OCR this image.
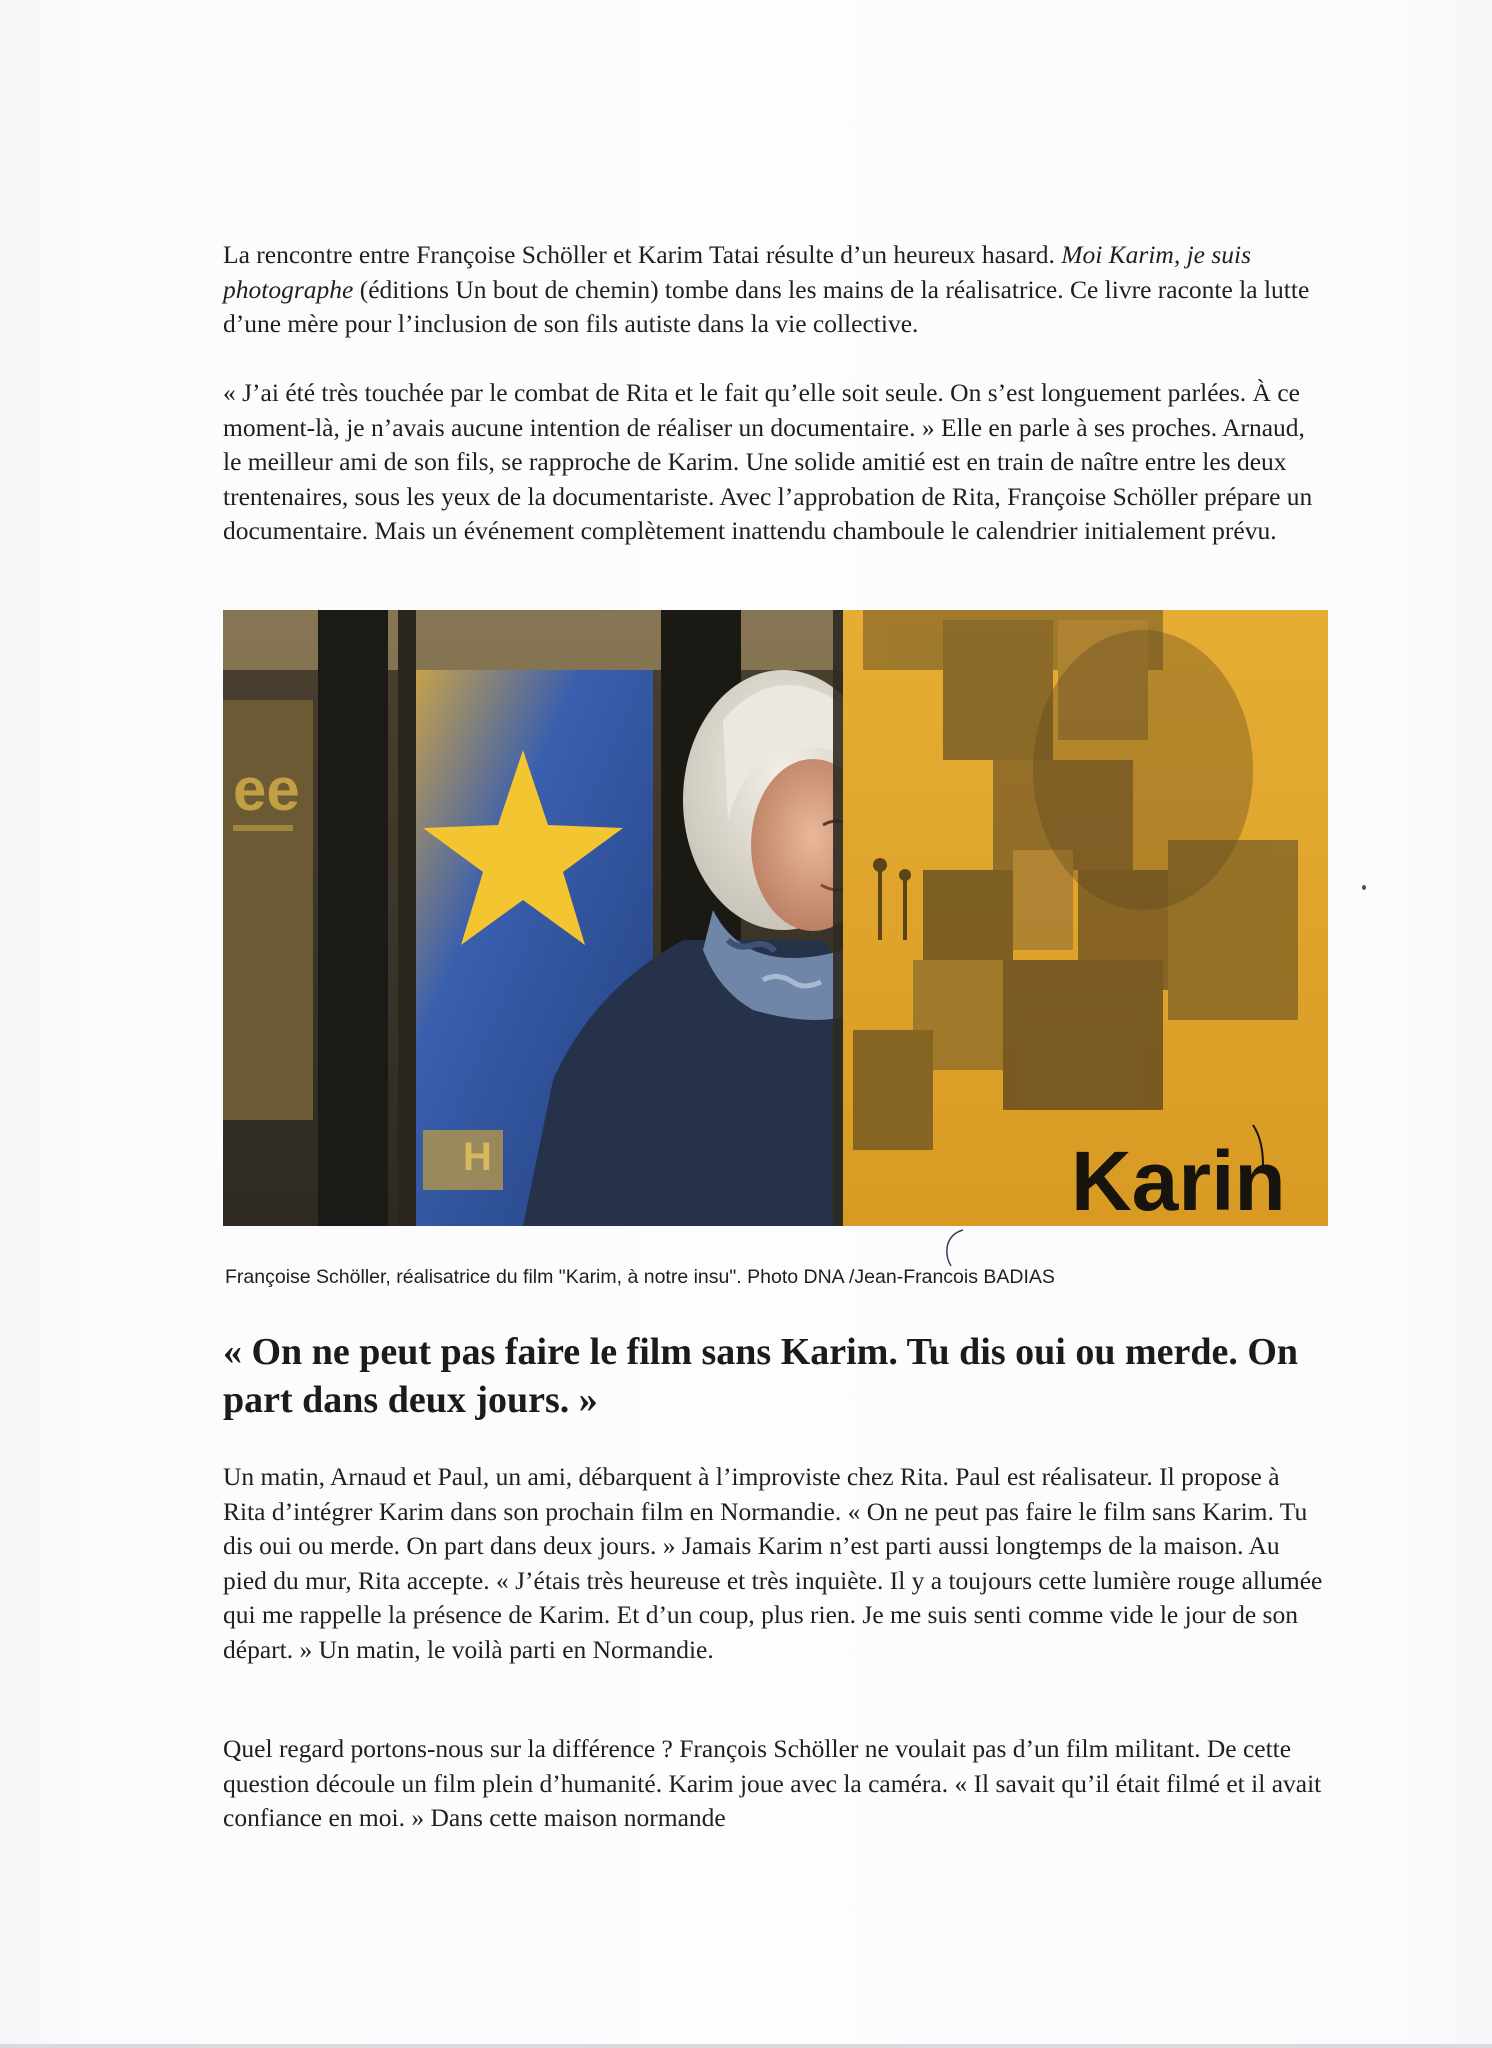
La rencontre entre Françoise Schöller et Karim Tatai résulte d’un heureux hasard. Moi Karim, je suis photographe (éditions Un bout de chemin) tombe dans les mains de la réalisatrice. Ce livre raconte la lutte d’une mère pour l’inclusion de son fils autiste dans la vie collective.

« J’ai été très touchée par le combat de Rita et le fait qu’elle soit seule. On s’est longuement parlées. À ce moment-là, je n’avais aucune intention de réaliser un documentaire. » Elle en parle à ses proches. Arnaud, le meilleur ami de son fils, se rapproche de Karim. Une solide amitié est en train de naître entre les deux trentenaires, sous les yeux de la documentariste. Avec l’approbation de Rita, Françoise Schöller prépare un documentaire. Mais un événement complètement inattendu chamboule le calendrier initialement prévu.

ee
H	Karin
Françoise Schöller, réalisatrice du film "Karim, à notre insu". Photo DNA /Jean-Francois BADIAS
« On ne peut pas faire le film sans Karim. Tu dis oui ou merde. On part dans deux jours. »

Un matin, Arnaud et Paul, un ami, débarquent à l’improviste chez Rita. Paul est réalisateur. Il propose à Rita d’intégrer Karim dans son prochain film en Normandie. « On ne peut pas faire le film sans Karim. Tu dis oui ou merde. On part dans deux jours. » Jamais Karim n’est parti aussi longtemps de la maison. Au pied du mur, Rita accepte. « J’étais très heureuse et très inquiète. Il y a toujours cette lumière rouge allumée qui me rappelle la présence de Karim. Et d’un coup, plus rien. Je me suis senti comme vide le jour de son départ. » Un matin, le voilà parti en Normandie.

Quel regard portons-nous sur la différence ? François Schöller ne voulait pas d’un film militant. De cette question découle un film plein d’humanité. Karim joue avec la caméra. « Il savait qu’il était filmé et il avait confiance en moi. » Dans cette maison normande
